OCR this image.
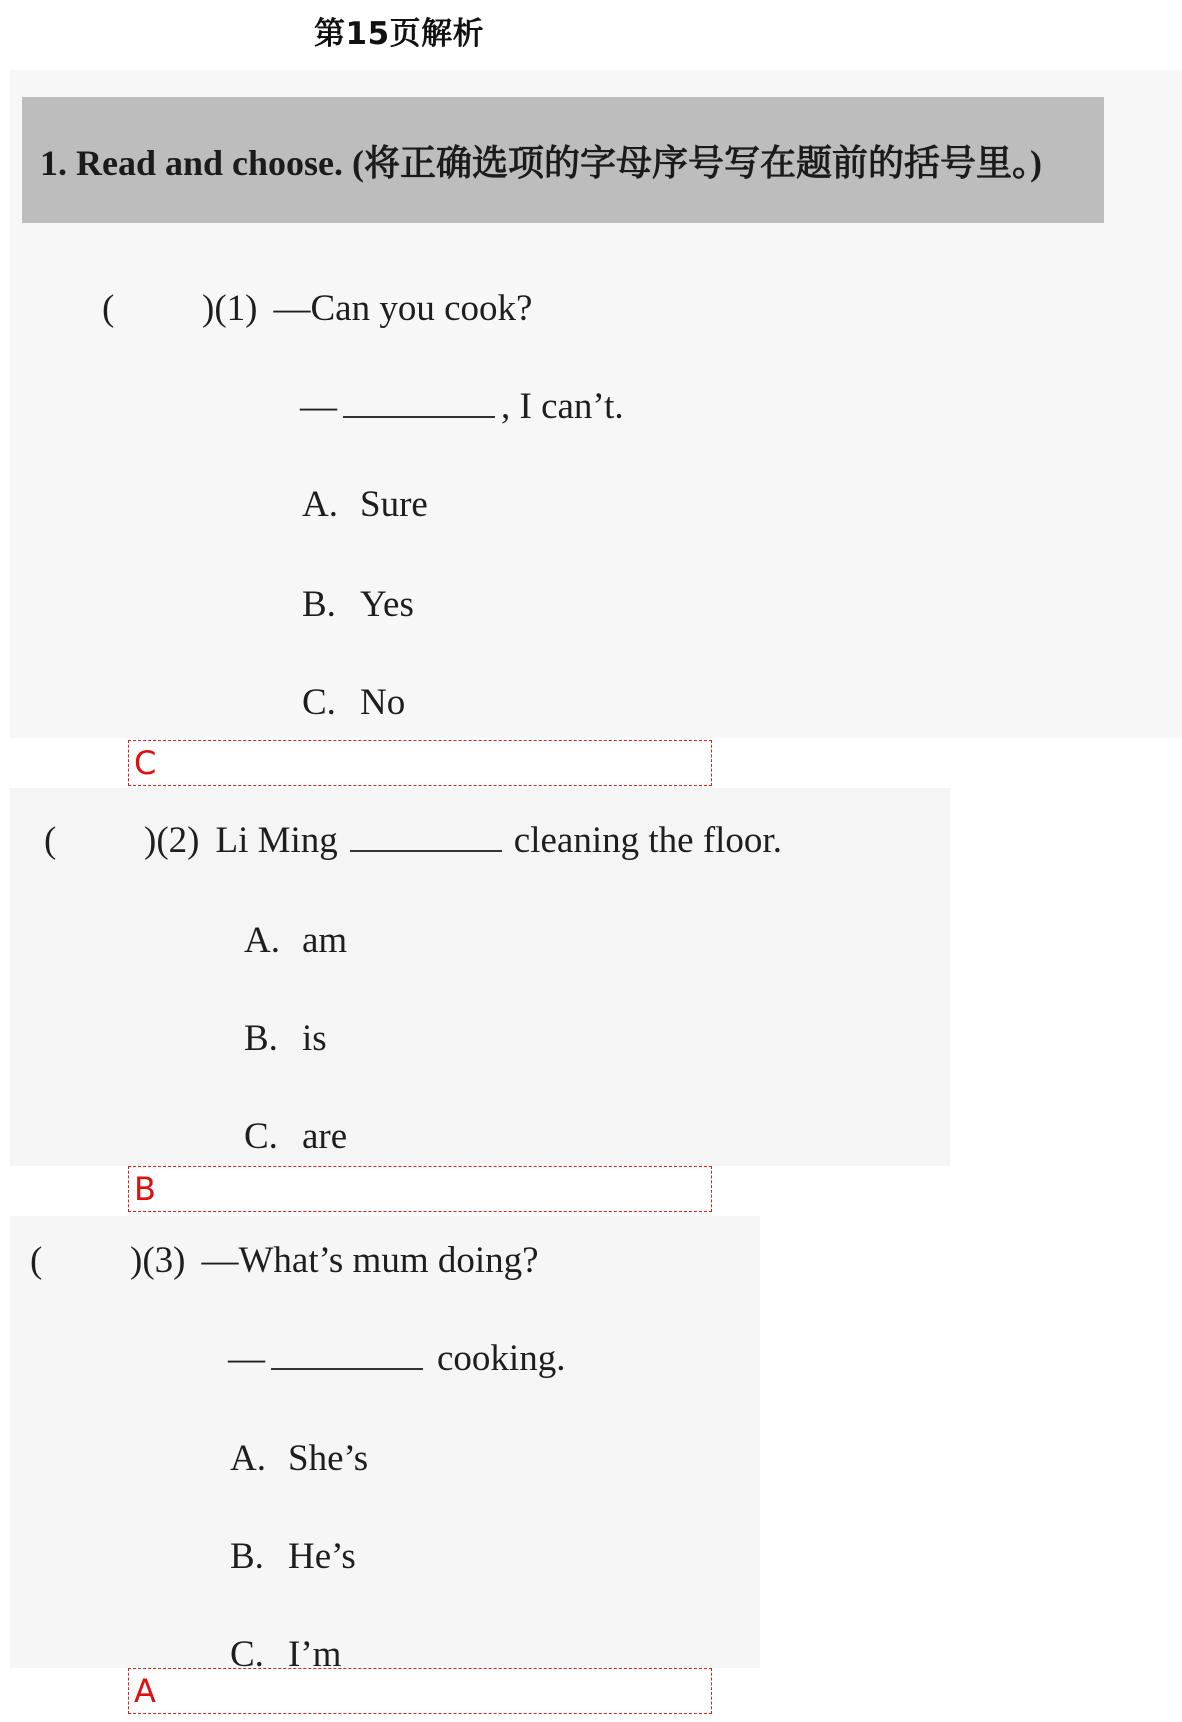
第15页解析
1. Read and choose. (将正确选项的字母序号写在题前的括号里。)
( )(1) —Can you cook?
—	, I can’t.
A. Sure
B. Yes
C. No
C
( )(2) Li Ming	cleaning the floor.
A. am
B. is
C. are
B
( )(3) —What’s mum doing?
—	cooking.
A. She’s
B. He’s
C. I’m
A
